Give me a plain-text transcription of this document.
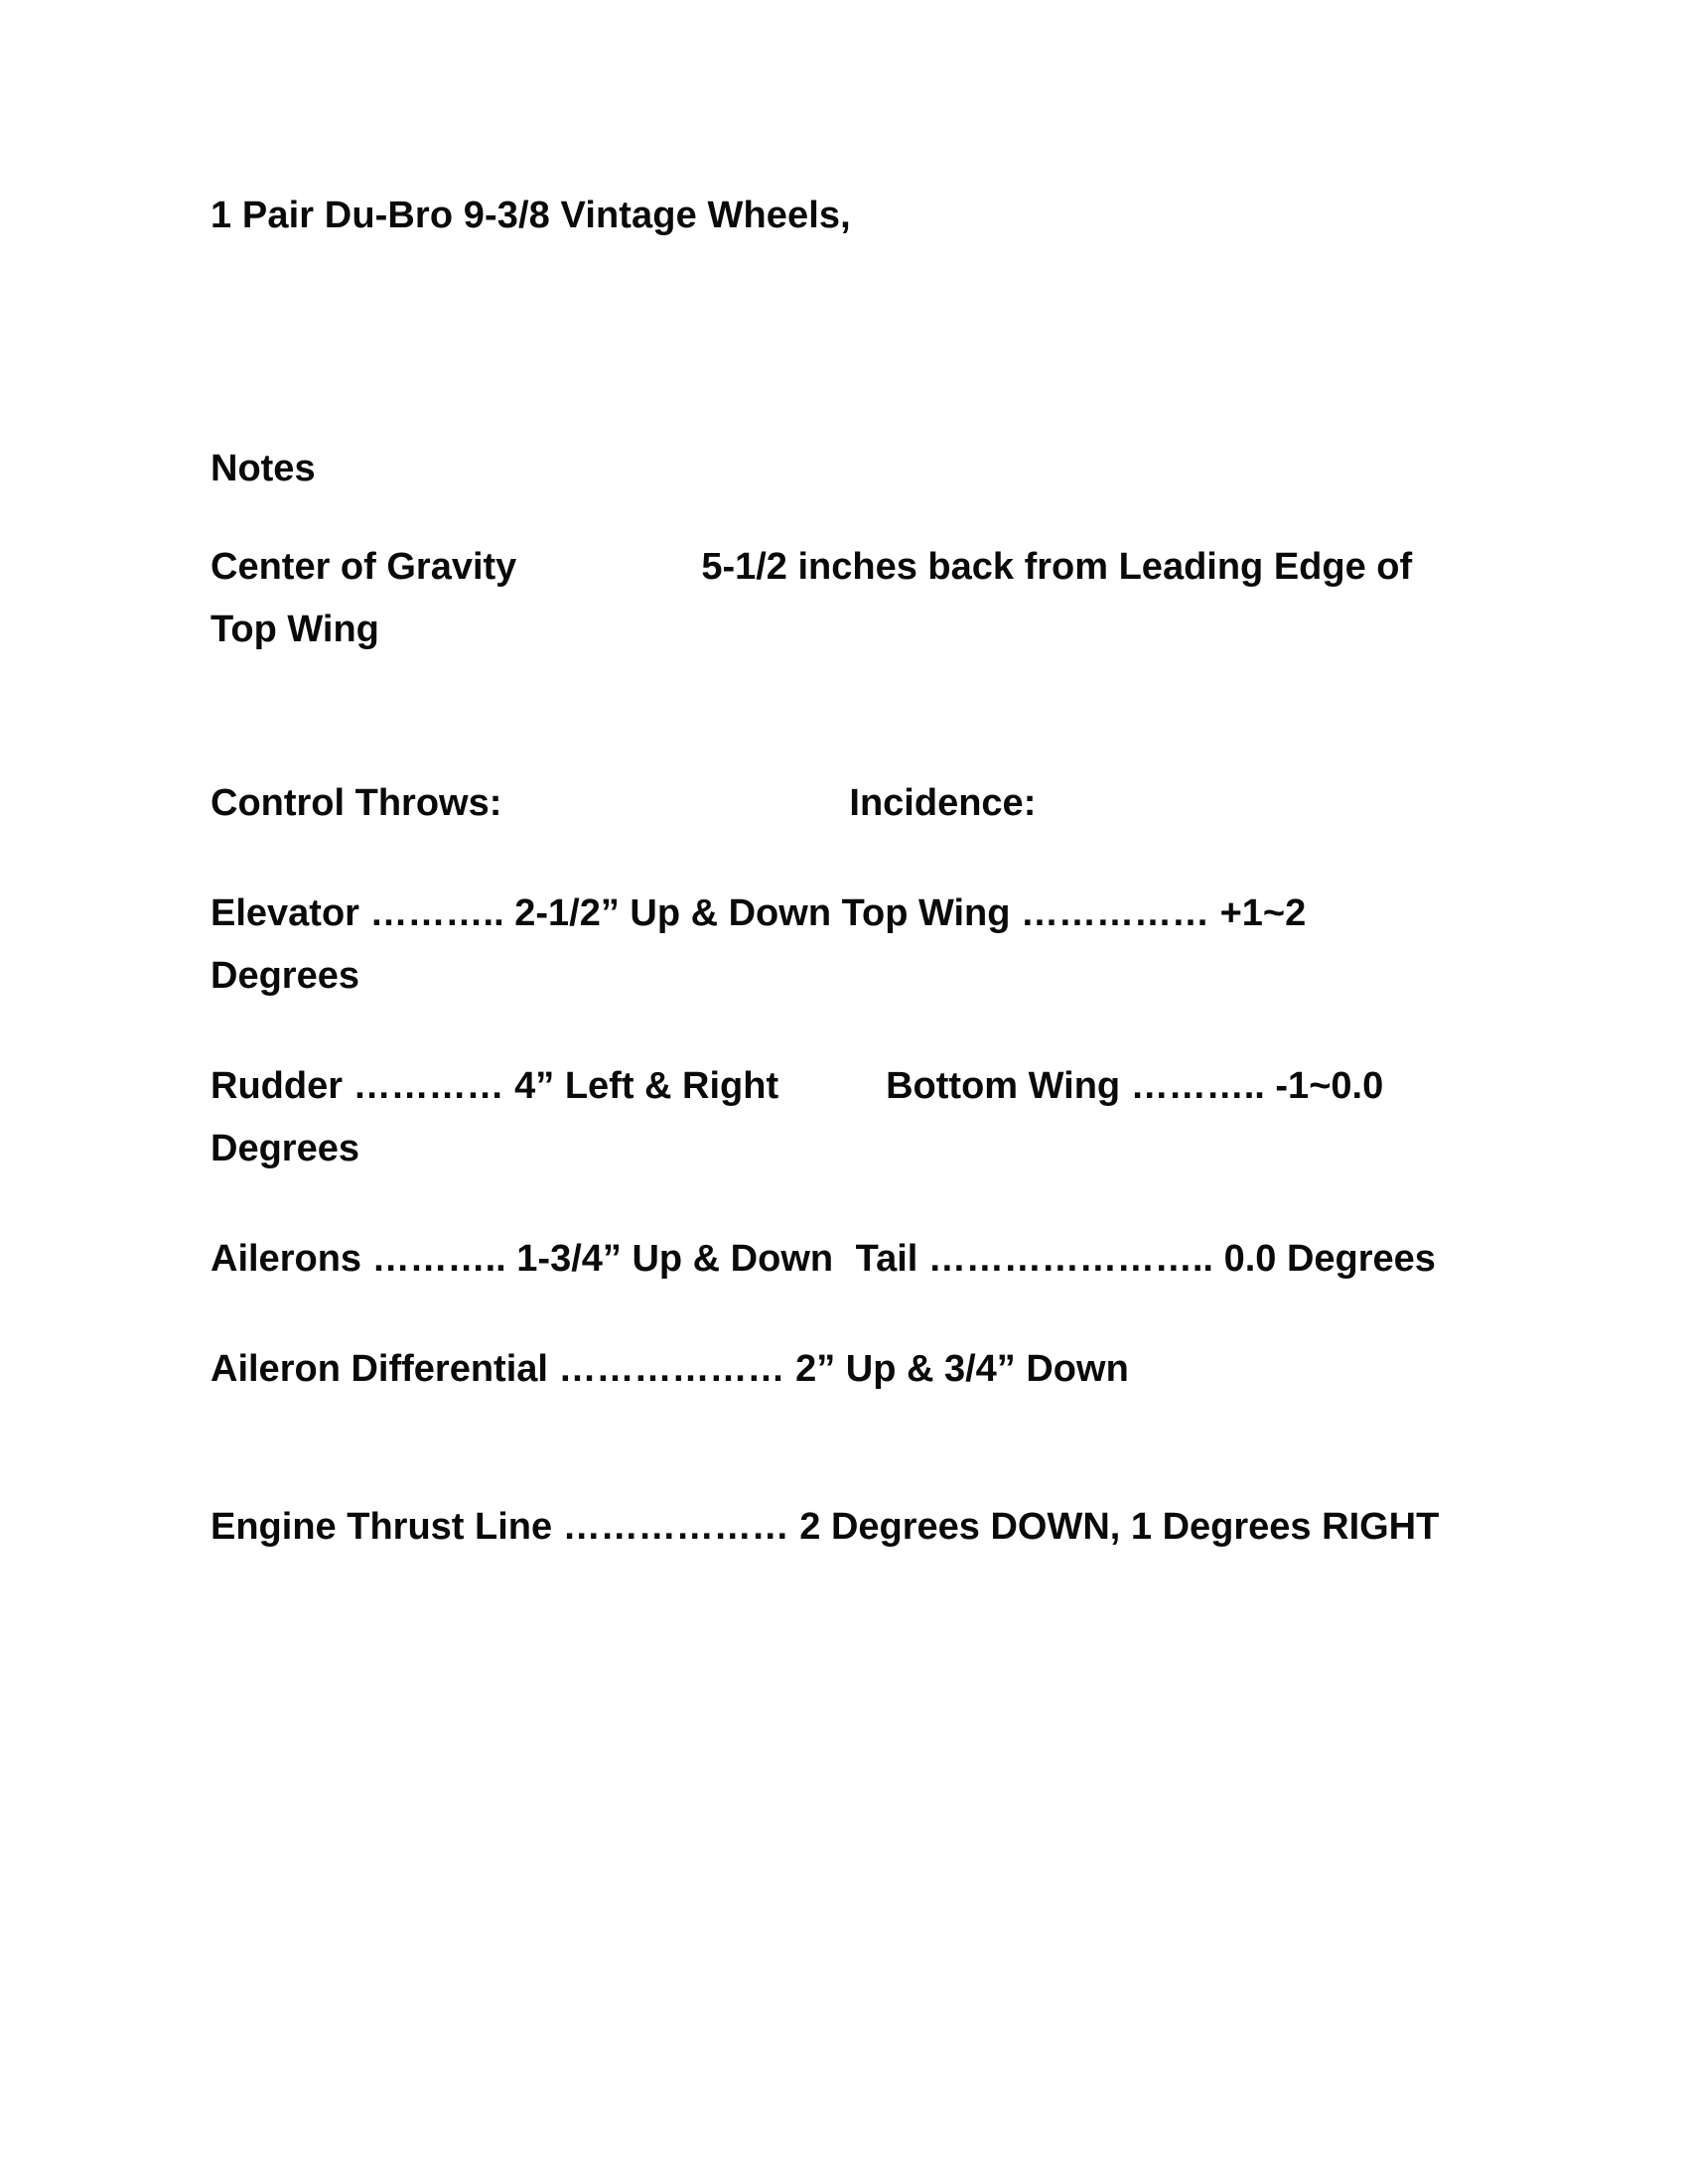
1 Pair Du-Bro 9-3/8 Vintage Wheels,

Notes

Center of Gravity	5-1/2 inches back from Leading Edge of Top Wing

Control Throws:	Incidence:

Elevator ……….. 2-1/2” Up & Down Top Wing …………… +1~2 Degrees

Rudder ………… 4” Left & Right	Bottom Wing ……….. -1~0.0 Degrees

Ailerons ……….. 1-3/4” Up & Down Tail ………………….. 0.0 Degrees

Aileron Differential ……………… 2” Up & 3/4” Down

Engine Thrust Line ……………… 2 Degrees DOWN, 1 Degrees RIGHT
